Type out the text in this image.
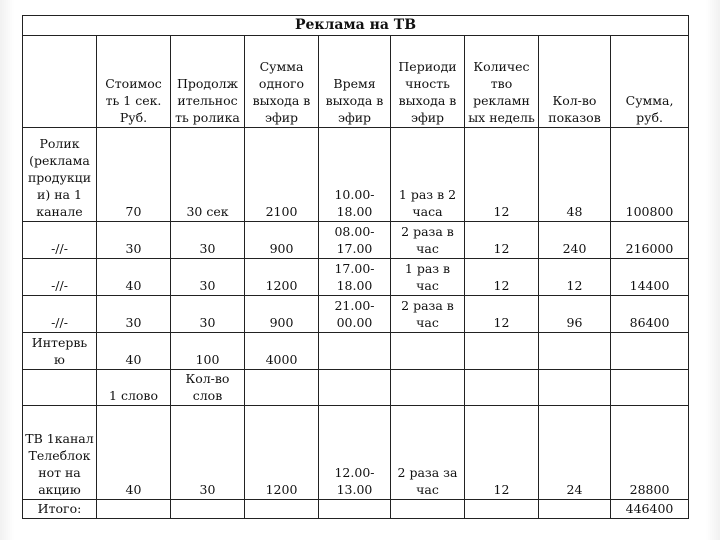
Реклама на ТВ								
	Стоимос ть 1 сек. Руб.	Продолж ительнос ть ролика	Сумма одного выхода в эфир	Время выхода в эфир	Периоди чность выхода в эфир	Количес тво рекламн ых недель	Кол-во показов	Сумма, руб.
Ролик (реклама продукци и) на 1 канале	70	30 сек	2100	10.00-18.00	1 раз в 2 часа	12	48	100800
-//-	30	30	900	08.00-17.00	2 раза в час	12	240	216000
-//-	40	30	1200	17.00-18.00	1 раз в час	12	12	14400
-//-	30	30	900	21.00-00.00	2 раза в час	12	96	86400
Интервь ю	40	100	4000					
	1 слово	Кол-во слов						
ТВ 1канал Телеблок нот на акцию	40	30	1200	12.00-13.00	2 раза за час	12	24	28800
Итого:								446400
